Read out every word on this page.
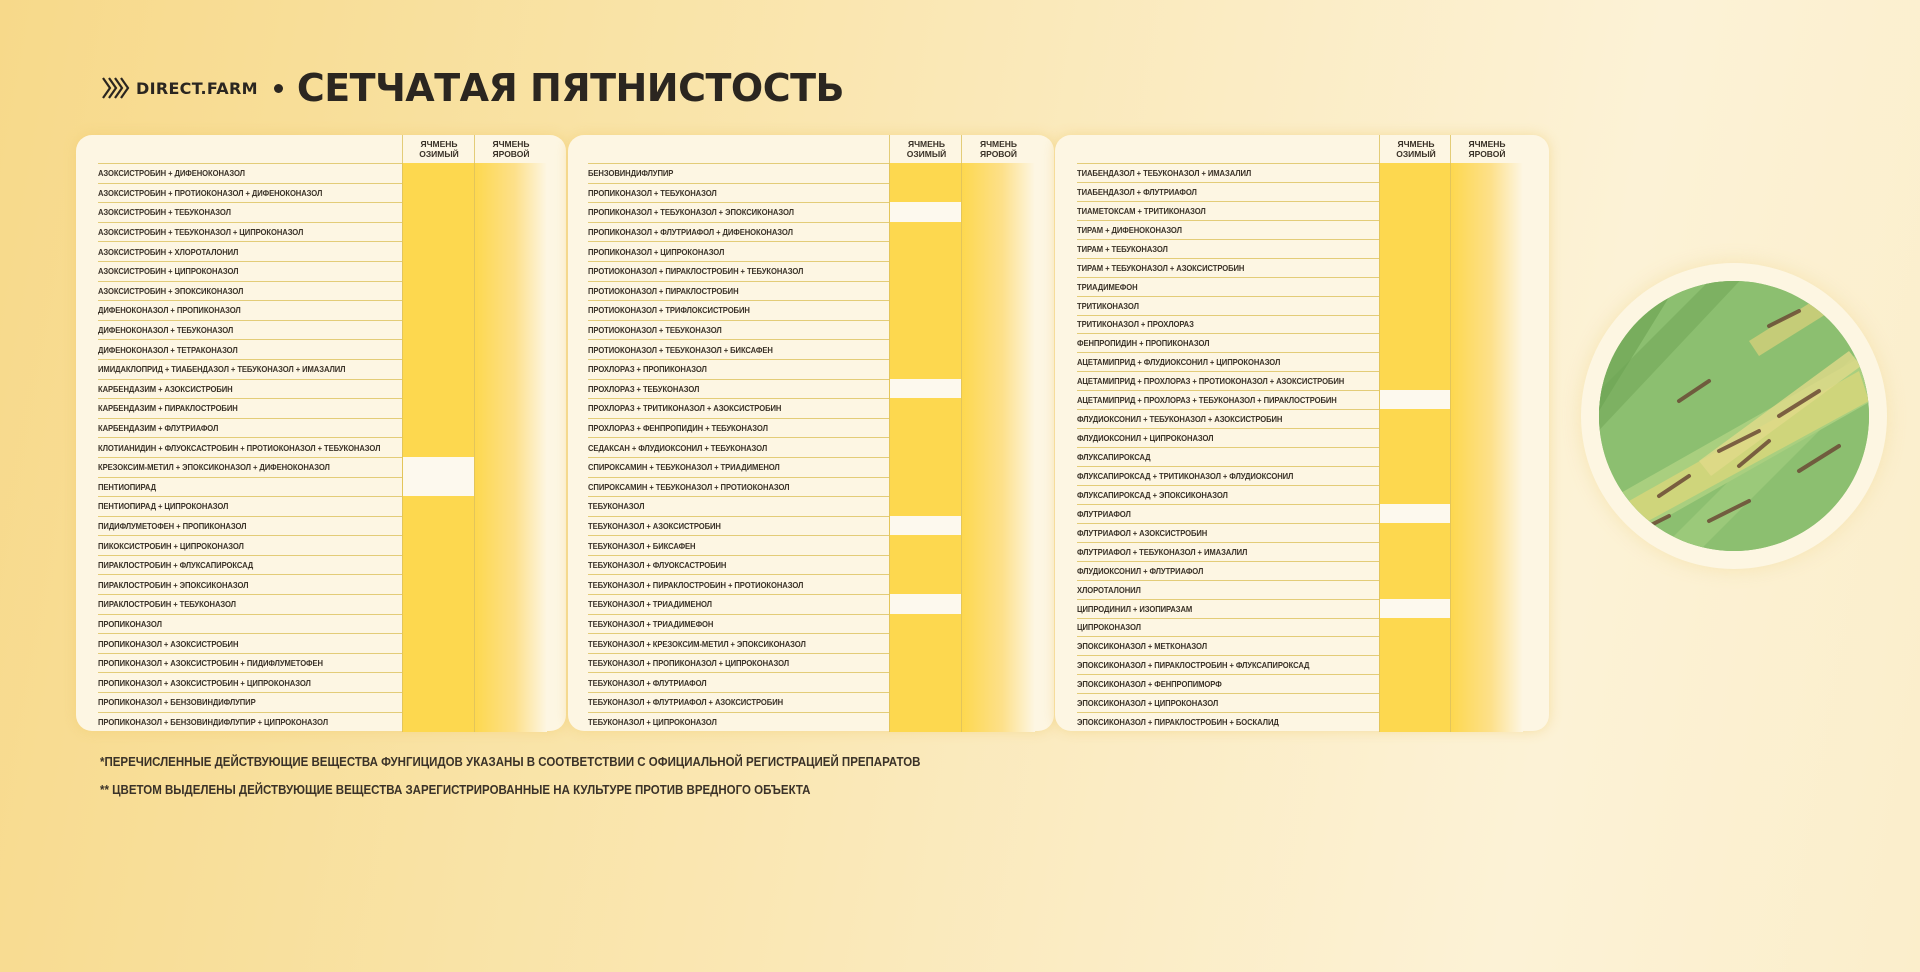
DIRECT.FARM СЕТЧАТАЯ ПЯТНИСТОСТЬ
ЯЧМЕНЬ ОЗИМЫЙ
ЯЧМЕНЬ ЯРОВОЙ
АЗОКСИСТРОБИН + ДИФЕНОКОНАЗОЛ
АЗОКСИСТРОБИН + ПРОТИОКОНАЗОЛ + ДИФЕНОКОНАЗОЛ
АЗОКСИСТРОБИН + ТЕБУКОНАЗОЛ
АЗОКСИСТРОБИН + ТЕБУКОНАЗОЛ + ЦИПРОКОНАЗОЛ
АЗОКСИСТРОБИН + ХЛОРОТАЛОНИЛ
АЗОКСИСТРОБИН + ЦИПРОКОНАЗОЛ
АЗОКСИСТРОБИН + ЭПОКСИКОНАЗОЛ
ДИФЕНОКОНАЗОЛ + ПРОПИКОНАЗОЛ
ДИФЕНОКОНАЗОЛ + ТЕБУКОНАЗОЛ
ДИФЕНОКОНАЗОЛ + ТЕТРАКОНАЗОЛ
ИМИДАКЛОПРИД + ТИАБЕНДАЗОЛ + ТЕБУКОНАЗОЛ + ИМАЗАЛИЛ
КАРБЕНДАЗИМ + АЗОКСИСТРОБИН
КАРБЕНДАЗИМ + ПИРАКЛОСТРОБИН
КАРБЕНДАЗИМ + ФЛУТРИАФОЛ
КЛОТИАНИДИН + ФЛУОКСАСТРОБИН + ПРОТИОКОНАЗОЛ + ТЕБУКОНАЗОЛ
КРЕЗОКСИМ-МЕТИЛ + ЭПОКСИКОНАЗОЛ + ДИФЕНОКОНАЗОЛ
ПЕНТИОПИРАД
ПЕНТИОПИРАД + ЦИПРОКОНАЗОЛ
ПИДИФЛУМЕТОФЕН + ПРОПИКОНАЗОЛ
ПИКОКСИСТРОБИН + ЦИПРОКОНАЗОЛ
ПИРАКЛОСТРОБИН + ФЛУКСАПИРОКСАД
ПИРАКЛОСТРОБИН + ЭПОКСИКОНАЗОЛ
ПИРАКЛОСТРОБИН + ТЕБУКОНАЗОЛ
ПРОПИКОНАЗОЛ
ПРОПИКОНАЗОЛ + АЗОКСИСТРОБИН
ПРОПИКОНАЗОЛ + АЗОКСИСТРОБИН + ПИДИФЛУМЕТОФЕН
ПРОПИКОНАЗОЛ + АЗОКСИСТРОБИН + ЦИПРОКОНАЗОЛ
ПРОПИКОНАЗОЛ + БЕНЗОВИНДИФЛУПИР
ПРОПИКОНАЗОЛ + БЕНЗОВИНДИФЛУПИР + ЦИПРОКОНАЗОЛ
ЯЧМЕНЬ ОЗИМЫЙ
ЯЧМЕНЬ ЯРОВОЙ
БЕНЗОВИНДИФЛУПИР
ПРОПИКОНАЗОЛ + ТЕБУКОНАЗОЛ
ПРОПИКОНАЗОЛ + ТЕБУКОНАЗОЛ + ЭПОКСИКОНАЗОЛ
ПРОПИКОНАЗОЛ + ФЛУТРИАФОЛ + ДИФЕНОКОНАЗОЛ
ПРОПИКОНАЗОЛ + ЦИПРОКОНАЗОЛ
ПРОТИОКОНАЗОЛ + ПИРАКЛОСТРОБИН + ТЕБУКОНАЗОЛ
ПРОТИОКОНАЗОЛ + ПИРАКЛОСТРОБИН
ПРОТИОКОНАЗОЛ + ТРИФЛОКСИСТРОБИН
ПРОТИОКОНАЗОЛ + ТЕБУКОНАЗОЛ
ПРОТИОКОНАЗОЛ + ТЕБУКОНАЗОЛ + БИКСАФЕН
ПРОХЛОРАЗ + ПРОПИКОНАЗОЛ
ПРОХЛОРАЗ + ТЕБУКОНАЗОЛ
ПРОХЛОРАЗ + ТРИТИКОНАЗОЛ + АЗОКСИСТРОБИН
ПРОХЛОРАЗ + ФЕНПРОПИДИН + ТЕБУКОНАЗОЛ
СЕДАКСАН + ФЛУДИОКСОНИЛ + ТЕБУКОНАЗОЛ
СПИРОКСАМИН + ТЕБУКОНАЗОЛ + ТРИАДИМЕНОЛ
СПИРОКСАМИН + ТЕБУКОНАЗОЛ + ПРОТИОКОНАЗОЛ
ТЕБУКОНАЗОЛ
ТЕБУКОНАЗОЛ + АЗОКСИСТРОБИН
ТЕБУКОНАЗОЛ + БИКСАФЕН
ТЕБУКОНАЗОЛ + ФЛУОКСАСТРОБИН
ТЕБУКОНАЗОЛ + ПИРАКЛОСТРОБИН + ПРОТИОКОНАЗОЛ
ТЕБУКОНАЗОЛ + ТРИАДИМЕНОЛ
ТЕБУКОНАЗОЛ + ТРИАДИМЕФОН
ТЕБУКОНАЗОЛ + КРЕЗОКСИМ-МЕТИЛ + ЭПОКСИКОНАЗОЛ
ТЕБУКОНАЗОЛ + ПРОПИКОНАЗОЛ + ЦИПРОКОНАЗОЛ
ТЕБУКОНАЗОЛ + ФЛУТРИАФОЛ
ТЕБУКОНАЗОЛ + ФЛУТРИАФОЛ + АЗОКСИСТРОБИН
ТЕБУКОНАЗОЛ + ЦИПРОКОНАЗОЛ
ЯЧМЕНЬ ОЗИМЫЙ
ЯЧМЕНЬ ЯРОВОЙ
ТИАБЕНДАЗОЛ + ТЕБУКОНАЗОЛ + ИМАЗАЛИЛ
ТИАБЕНДАЗОЛ + ФЛУТРИАФОЛ
ТИАМЕТОКСАМ + ТРИТИКОНАЗОЛ
ТИРАМ + ДИФЕНОКОНАЗОЛ
ТИРАМ + ТЕБУКОНАЗОЛ
ТИРАМ + ТЕБУКОНАЗОЛ + АЗОКСИСТРОБИН
ТРИАДИМЕФОН
ТРИТИКОНАЗОЛ
ТРИТИКОНАЗОЛ + ПРОХЛОРАЗ
ФЕНПРОПИДИН + ПРОПИКОНАЗОЛ
АЦЕТАМИПРИД + ФЛУДИОКСОНИЛ + ЦИПРОКОНАЗОЛ
АЦЕТАМИПРИД + ПРОХЛОРАЗ + ПРОТИОКОНАЗОЛ + АЗОКСИСТРОБИН
АЦЕТАМИПРИД + ПРОХЛОРАЗ + ТЕБУКОНАЗОЛ + ПИРАКЛОСТРОБИН
ФЛУДИОКСОНИЛ + ТЕБУКОНАЗОЛ + АЗОКСИСТРОБИН
ФЛУДИОКСОНИЛ + ЦИПРОКОНАЗОЛ
ФЛУКСАПИРОКСАД
ФЛУКСАПИРОКСАД + ТРИТИКОНАЗОЛ + ФЛУДИОКСОНИЛ
ФЛУКСАПИРОКСАД + ЭПОКСИКОНАЗОЛ
ФЛУТРИАФОЛ
ФЛУТРИАФОЛ + АЗОКСИСТРОБИН
ФЛУТРИАФОЛ + ТЕБУКОНАЗОЛ + ИМАЗАЛИЛ
ФЛУДИОКСОНИЛ + ФЛУТРИАФОЛ
ХЛОРОТАЛОНИЛ
ЦИПРОДИНИЛ + ИЗОПИРАЗАМ
ЦИПРОКОНАЗОЛ
ЭПОКСИКОНАЗОЛ + МЕТКОНАЗОЛ
ЭПОКСИКОНАЗОЛ + ПИРАКЛОСТРОБИН + ФЛУКСАПИРОКСАД
ЭПОКСИКОНАЗОЛ + ФЕНПРОПИМОРФ
ЭПОКСИКОНАЗОЛ + ЦИПРОКОНАЗОЛ
ЭПОКСИКОНАЗОЛ + ПИРАКЛОСТРОБИН + БОСКАЛИД
*ПЕРЕЧИСЛЕННЫЕ ДЕЙСТВУЮЩИЕ ВЕЩЕСТВА ФУНГИЦИДОВ УКАЗАНЫ В СООТВЕТСТВИИ С ОФИЦИАЛЬНОЙ РЕГИСТРАЦИЕЙ ПРЕПАРАТОВ
** ЦВЕТОМ ВЫДЕЛЕНЫ ДЕЙСТВУЮЩИЕ ВЕЩЕСТВА ЗАРЕГИСТРИРОВАННЫЕ НА КУЛЬТУРЕ ПРОТИВ ВРЕДНОГО ОБЪЕКТА
